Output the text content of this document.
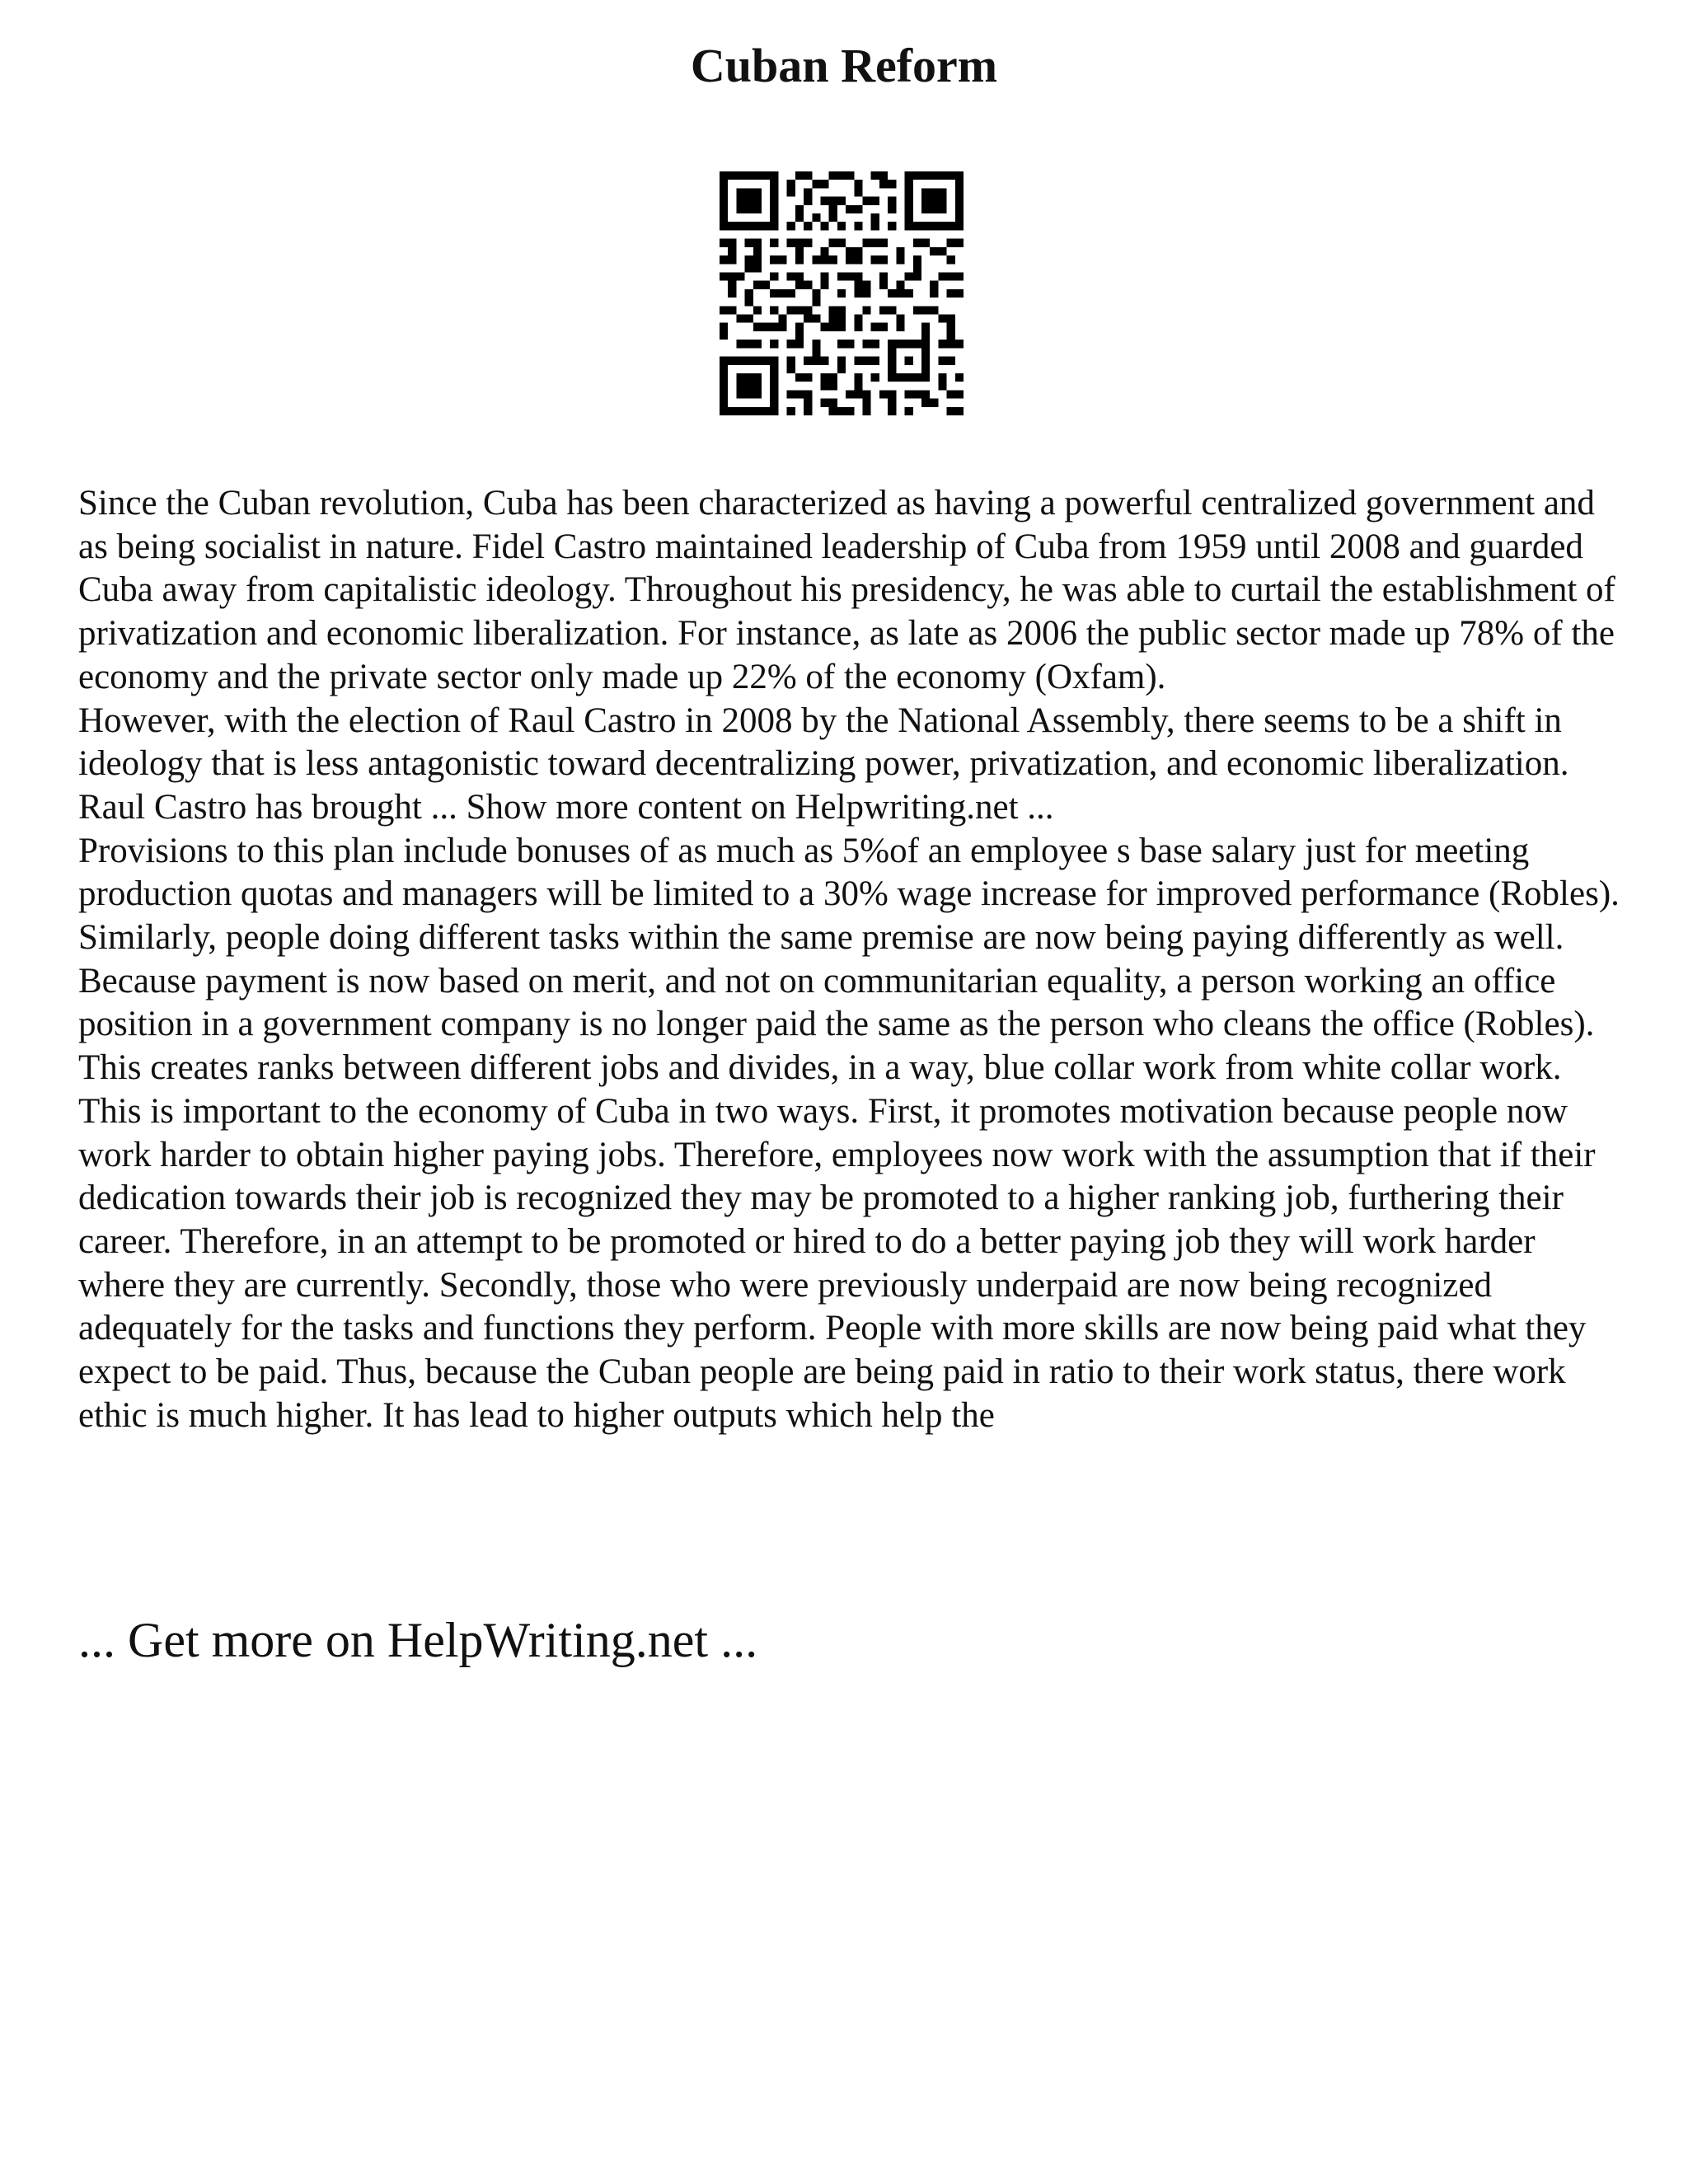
Cuban Reform

Since the Cuban revolution, Cuba has been characterized as having a powerful centralized government and as being socialist in nature. Fidel Castro maintained leadership of Cuba from 1959 until 2008 and guarded Cuba away from capitalistic ideology. Throughout his presidency, he was able to curtail the establishment of privatization and economic liberalization. For instance, as late as 2006 the public sector made up 78% of the economy and the private sector only made up 22% of the economy (Oxfam).

However, with the election of Raul Castro in 2008 by the National Assembly, there seems to be a shift in ideology that is less antagonistic toward decentralizing power, privatization, and economic liberalization. Raul Castro has brought ... Show more content on Helpwriting.net ...

Provisions to this plan include bonuses of as much as 5%of an employee s base salary just for meeting production quotas and managers will be limited to a 30% wage increase for improved performance (Robles). Similarly, people doing different tasks within the same premise are now being paying differently as well. Because payment is now based on merit, and not on communitarian equality, a person working an office position in a government company is no longer paid the same as the person who cleans the office (Robles).

This creates ranks between different jobs and divides, in a way, blue collar work from white collar work. This is important to the economy of Cuba in two ways. First, it promotes motivation because people now work harder to obtain higher paying jobs. Therefore, employees now work with the assumption that if their dedication towards their job is recognized they may be promoted to a higher ranking job, furthering their career. Therefore, in an attempt to be promoted or hired to do a better paying job they will work harder where they are currently. Secondly, those who were previously underpaid are now being recognized adequately for the tasks and functions they perform. People with more skills are now being paid what they expect to be paid. Thus, because the Cuban people are being paid in ratio to their work status, there work ethic is much higher. It has lead to higher outputs which help the

... Get more on HelpWriting.net ...
